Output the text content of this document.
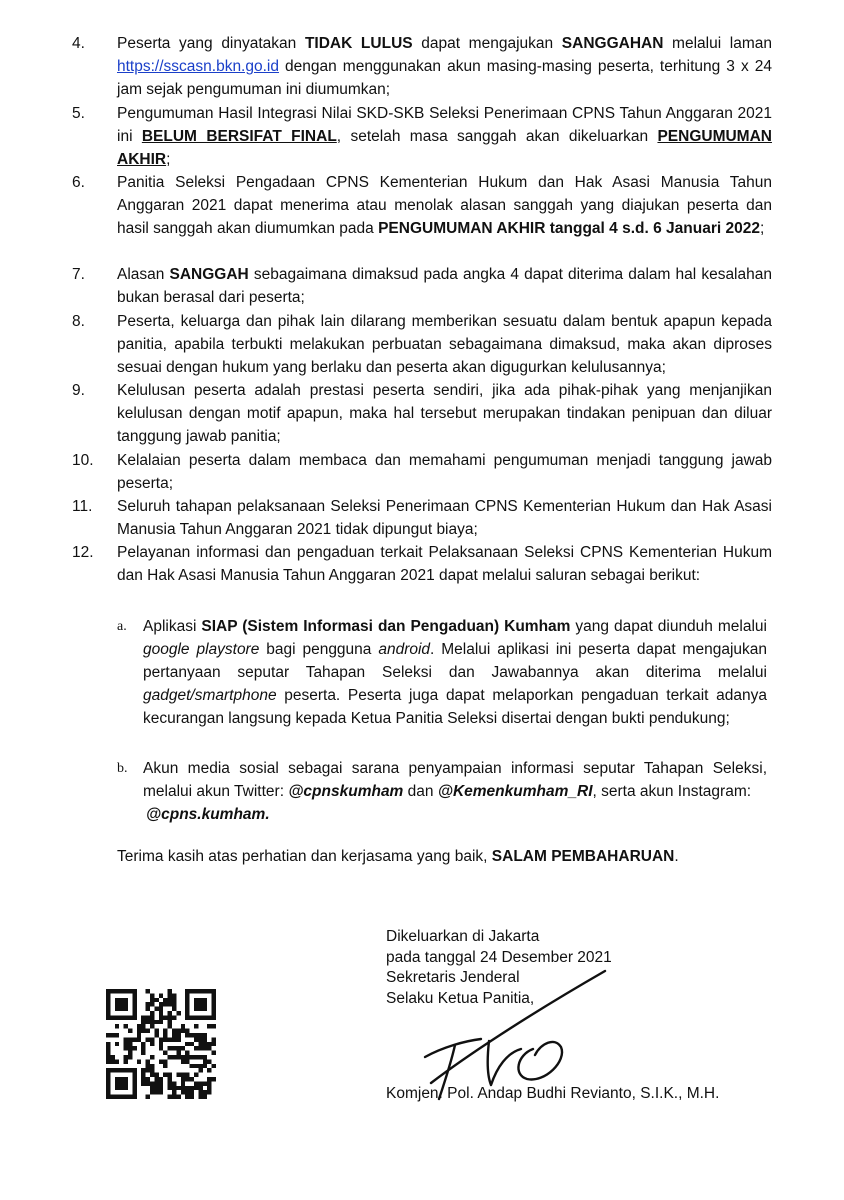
4.	Peserta yang dinyatakan TIDAK LULUS dapat mengajukan SANGGAHAN melalui laman https://sscasn.bkn.go.id dengan menggunakan akun masing-masing peserta, terhitung 3 x 24 jam sejak pengumuman ini diumumkan;
5.	Pengumuman Hasil Integrasi Nilai SKD-SKB Seleksi Penerimaan CPNS Tahun Anggaran 2021 ini BELUM BERSIFAT FINAL, setelah masa sanggah akan dikeluarkan PENGUMUMAN AKHIR;
6.	Panitia Seleksi Pengadaan CPNS Kementerian Hukum dan Hak Asasi Manusia Tahun Anggaran 2021 dapat menerima atau menolak alasan sanggah yang diajukan peserta dan hasil sanggah akan diumumkan pada PENGUMUMAN AKHIR tanggal 4 s.d. 6 Januari 2022;
7.	Alasan SANGGAH sebagaimana dimaksud pada angka 4 dapat diterima dalam hal kesalahan bukan berasal dari peserta;
8.	Peserta, keluarga dan pihak lain dilarang memberikan sesuatu dalam bentuk apapun kepada panitia, apabila terbukti melakukan perbuatan sebagaimana dimaksud, maka akan diproses sesuai dengan hukum yang berlaku dan peserta akan digugurkan kelulusannya;
9.	Kelulusan peserta adalah prestasi peserta sendiri, jika ada pihak-pihak yang menjanjikan kelulusan dengan motif apapun, maka hal tersebut merupakan tindakan penipuan dan diluar tanggung jawab panitia;
10.	Kelalaian peserta dalam membaca dan memahami pengumuman menjadi tanggung jawab peserta;
11.	Seluruh tahapan pelaksanaan Seleksi Penerimaan CPNS Kementerian Hukum dan Hak Asasi Manusia Tahun Anggaran 2021 tidak dipungut biaya;
12.	Pelayanan informasi dan pengaduan terkait Pelaksanaan Seleksi CPNS Kementerian Hukum dan Hak Asasi Manusia Tahun Anggaran 2021 dapat melalui saluran sebagai berikut:
a.	Aplikasi SIAP (Sistem Informasi dan Pengaduan) Kumham yang dapat diunduh melalui google playstore bagi pengguna android. Melalui aplikasi ini peserta dapat mengajukan pertanyaan seputar Tahapan Seleksi dan Jawabannya akan diterima melalui gadget/smartphone peserta. Peserta juga dapat melaporkan pengaduan terkait adanya kecurangan langsung kepada Ketua Panitia Seleksi disertai dengan bukti pendukung;
b.	Akun media sosial sebagai sarana penyampaian informasi seputar Tahapan Seleksi, melalui akun Twitter: @cpnskumham dan @Kemenkumham_RI, serta akun Instagram:
@cpns.kumham.
Terima kasih atas perhatian dan kerjasama yang baik, SALAM PEMBAHARUAN.
Dikeluarkan di Jakarta
pada tanggal 24 Desember 2021
Sekretaris Jenderal
Selaku Ketua Panitia,
Komjen. Pol. Andap Budhi Revianto, S.I.K., M.H.
